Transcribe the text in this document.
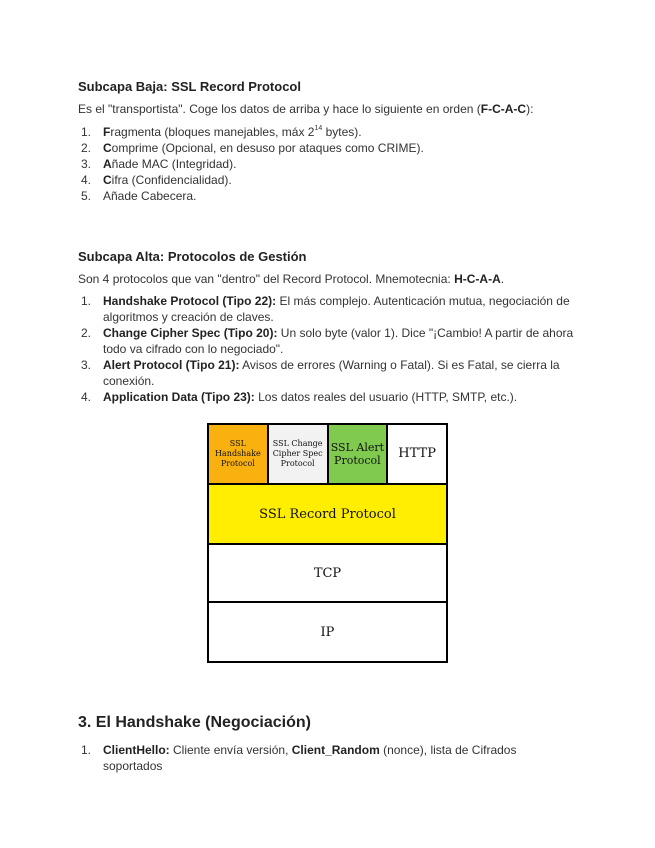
Subcapa Baja: SSL Record Protocol

Es el "transportista". Coge los datos de arriba y hace lo siguiente en orden (F-C-A-C):

1. Fragmenta (bloques manejables, máx $2^{14}$ bytes).
2. Comprime (Opcional, en desuso por ataques como CRIME).
3. Añade MAC (Integridad).
4. Cifra (Confidencialidad).
5. Añade Cabecera.
Subcapa Alta: Protocolos de Gestión

Son 4 protocolos que van "dentro" del Record Protocol. Mnemotecnia: H-C-A-A.

1. Handshake Protocol (Tipo 22): El más complejo. Autenticación mutua, negociación de
algoritmos y creación de claves.
2. Change Cipher Spec (Tipo 20): Un solo byte (valor 1). Dice "¡Cambio! A partir de ahora
todo va cifrado con lo negociado".
3. Alert Protocol (Tipo 21): Avisos de errores (Warning o Fatal). Si es Fatal, se cierra la
conexión.
4. Application Data (Tipo 23): Los datos reales del usuario (HTTP, SMTP, etc.).
SSL
Handshake
Protocol
SSL Change
Cipher Spec
Protocol
SSL Alert
Protocol	HTTP
SSL Record Protocol
TCP
IP
3. El Handshake (Negociación)
1. ClientHello: Cliente envía versión, Client_Random (nonce), lista de Cifrados soportados
